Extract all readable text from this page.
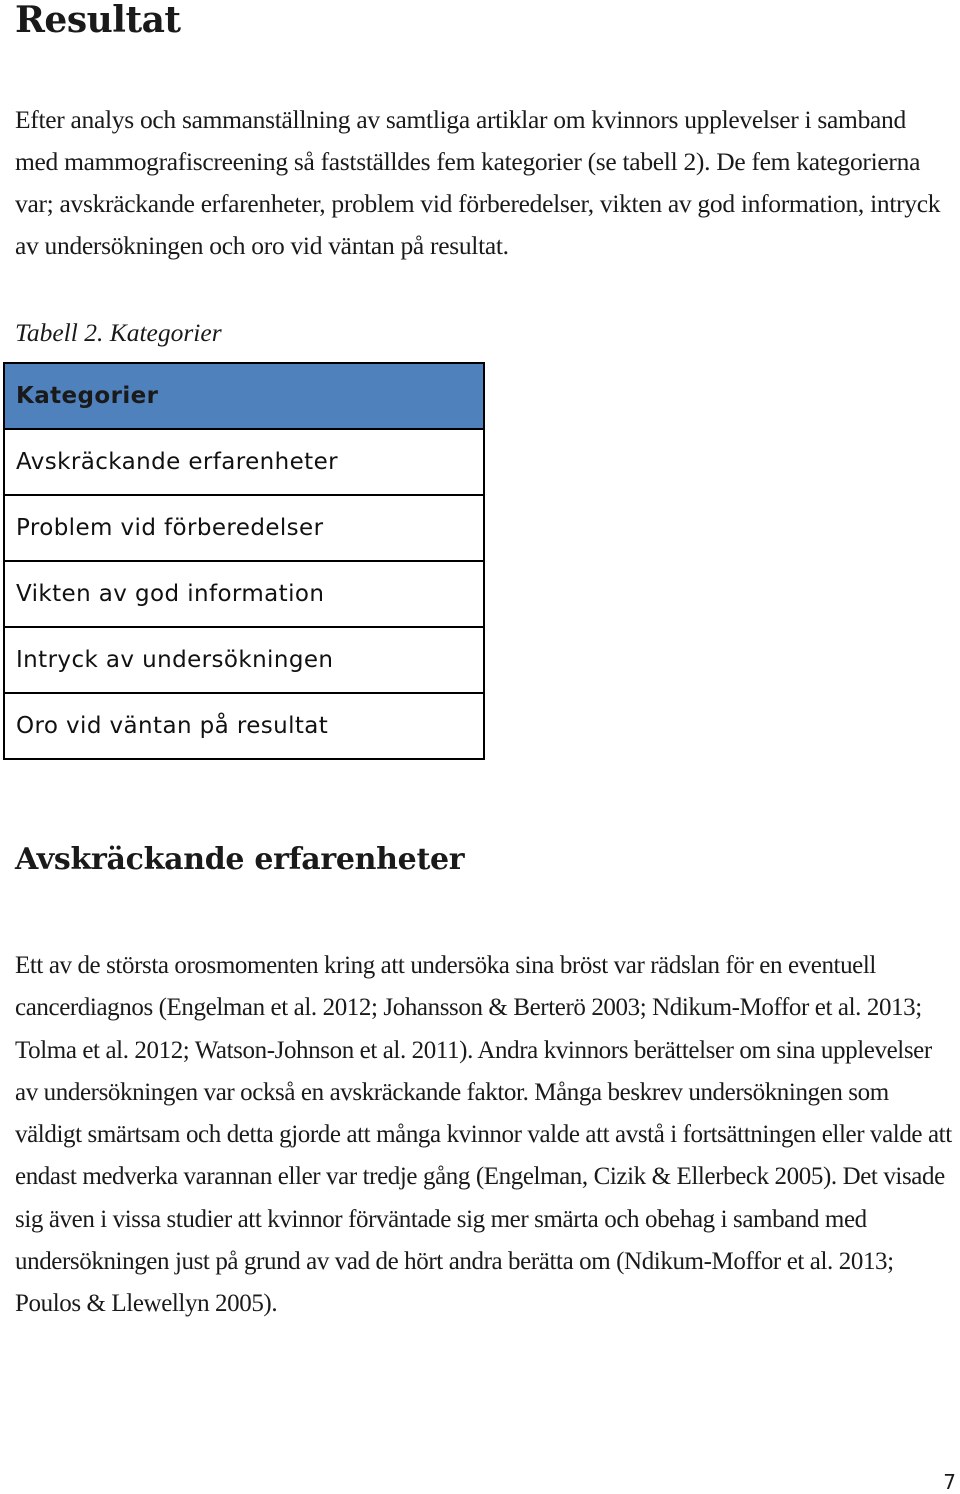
Resultat

Efter analys och sammanställning av samtliga artiklar om kvinnors upplevelser i samband med mammografiscreening så fastställdes fem kategorier (se tabell 2). De fem kategorierna var; avskräckande erfarenheter, problem vid förberedelser, vikten av god information, intryck av undersökningen och oro vid väntan på resultat.

Tabell 2. Kategorier

Kategorier
Avskräckande erfarenheter
Problem vid förberedelser
Vikten av god information
Intryck av undersökningen
Oro vid väntan på resultat
Avskräckande erfarenheter

Ett av de största orosmomenten kring att undersöka sina bröst var rädslan för en eventuell cancerdiagnos (Engelman et al. 2012; Johansson & Berterö 2003; Ndikum-Moffor et al. 2013; Tolma et al. 2012; Watson-Johnson et al. 2011). Andra kvinnors berättelser om sina upplevelser av undersökningen var också en avskräckande faktor. Många beskrev undersökningen som väldigt smärtsam och detta gjorde att många kvinnor valde att avstå i fortsättningen eller valde att endast medverka varannan eller var tredje gång (Engelman, Cizik & Ellerbeck 2005). Det visade sig även i vissa studier att kvinnor förväntade sig mer smärta och obehag i samband med undersökningen just på grund av vad de hört andra berätta om (Ndikum-Moffor et al. 2013; Poulos & Llewellyn 2005).

7
